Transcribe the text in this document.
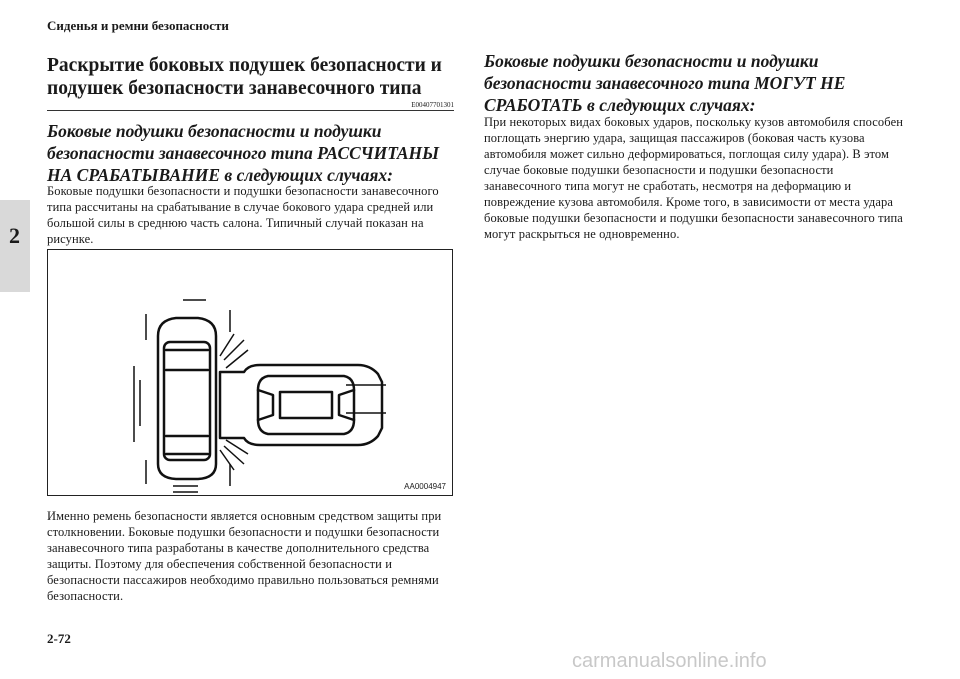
Сиденья и ремни безопасности
2
Раскрытие боковых подушек безопасности и подушек безопасности занавесочного типа
E00407701301
Боковые подушки безопасности и подушки безопасности занавесочного типа РАССЧИТАНЫ НА СРАБАТЫВАНИЕ в следующих случаях:
Боковые подушки безопасности и подушки безопасности занавесочного типа рассчитаны на срабатывание в случае бокового удара средней или большой силы в среднюю часть салона. Типичный случай показан на рисунке.
AA0004947
Именно ремень безопасности является основным средством защиты при столкновении. Боковые подушки безопасности и подушки безопасности занавесочного типа разработаны в качестве дополнительного средства защиты. Поэтому для обеспечения собственной безопасности и безопасности пассажиров необходимо правильно пользоваться ремнями безопасности.
Боковые подушки безопасности и подушки безопасности занавесочного типа МОГУТ НЕ СРАБОТАТЬ в следующих случаях:
При некоторых видах боковых ударов, поскольку кузов автомобиля способен поглощать энергию удара, защищая пассажиров (боковая часть кузова автомобиля может сильно деформироваться, поглощая силу удара). В этом случае боковые подушки безопасности и подушки безопасности занавесочного типа могут не сработать, несмотря на деформацию и повреждение кузова автомобиля. Кроме того, в зависимости от места удара боковые подушки безопасности и подушки безопасности занавесочного типа могут раскрыться не одновременно.
2-72
carmanualsonline.info
